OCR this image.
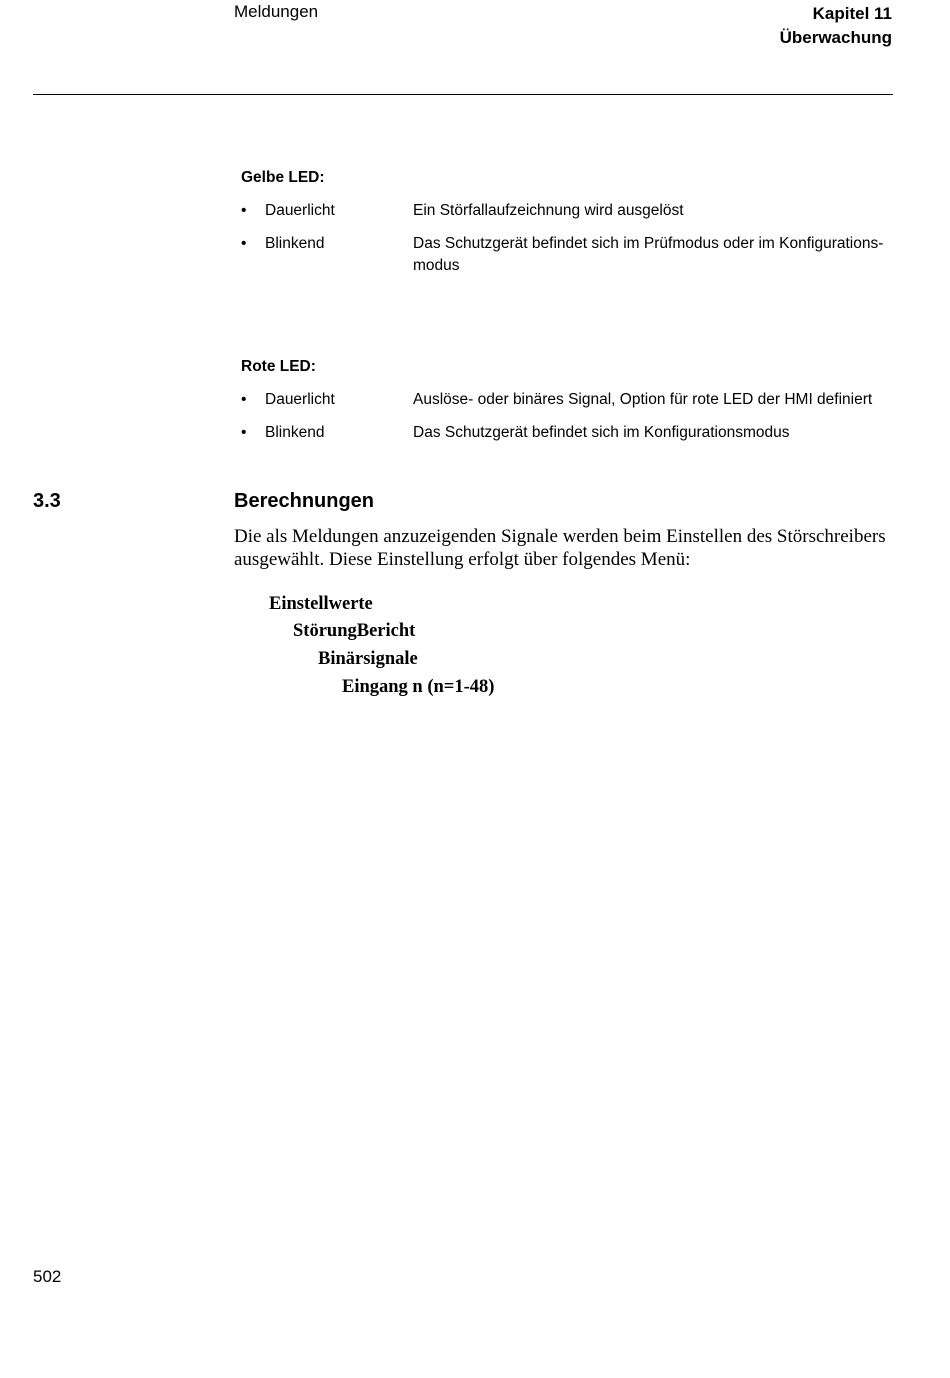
Meldungen	Kapitel 11
Überwachung
Gelbe LED:
• Dauerlicht	Ein Störfallaufzeichnung wird ausgelöst
• Blinkend	Das Schutzgerät befindet sich im Prüfmodus oder im Konfigurations-modus
Rote LED:
• Dauerlicht	Auslöse- oder binäres Signal, Option für rote LED der HMI definiert
• Blinkend	Das Schutzgerät befindet sich im Konfigurationsmodus
3.3	Berechnungen
Die als Meldungen anzuzeigenden Signale werden beim Einstellen des Störschreibers ausgewählt. Diese Einstellung erfolgt über folgendes Menü:
Einstellwerte
StörungBericht
Binärsignale
Eingang n (n=1-48)
502
